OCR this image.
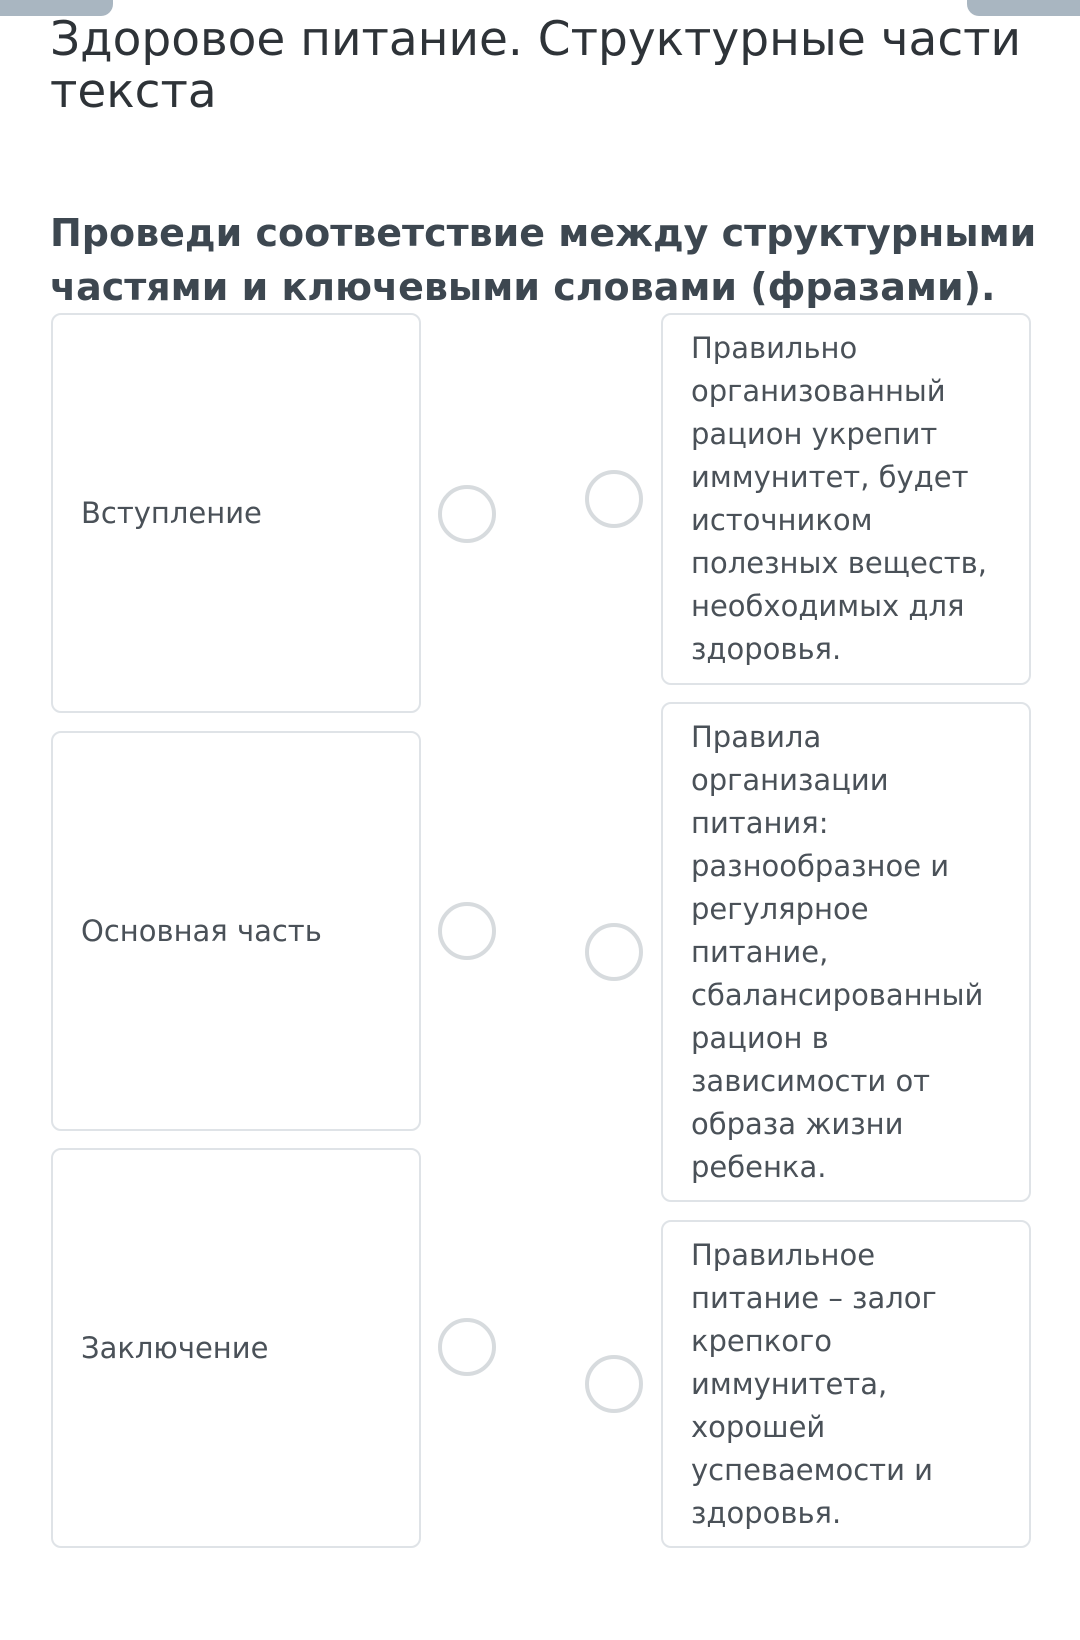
Здоровое питание. Структурные части текста
Проведи соответствие между структурными частями и ключевыми словами (фразами).
Вступление
Основная часть
Заключение
Правильно организованный рацион укрепит иммунитет, будет источником полезных веществ, необходимых для здоровья.
Правила организации питания: разнообразное и регулярное питание, сбалансированный рацион в зависимости от образа жизни ребенка.
Правильное питание – залог крепкого иммунитета, хорошей успеваемости и здоровья.
